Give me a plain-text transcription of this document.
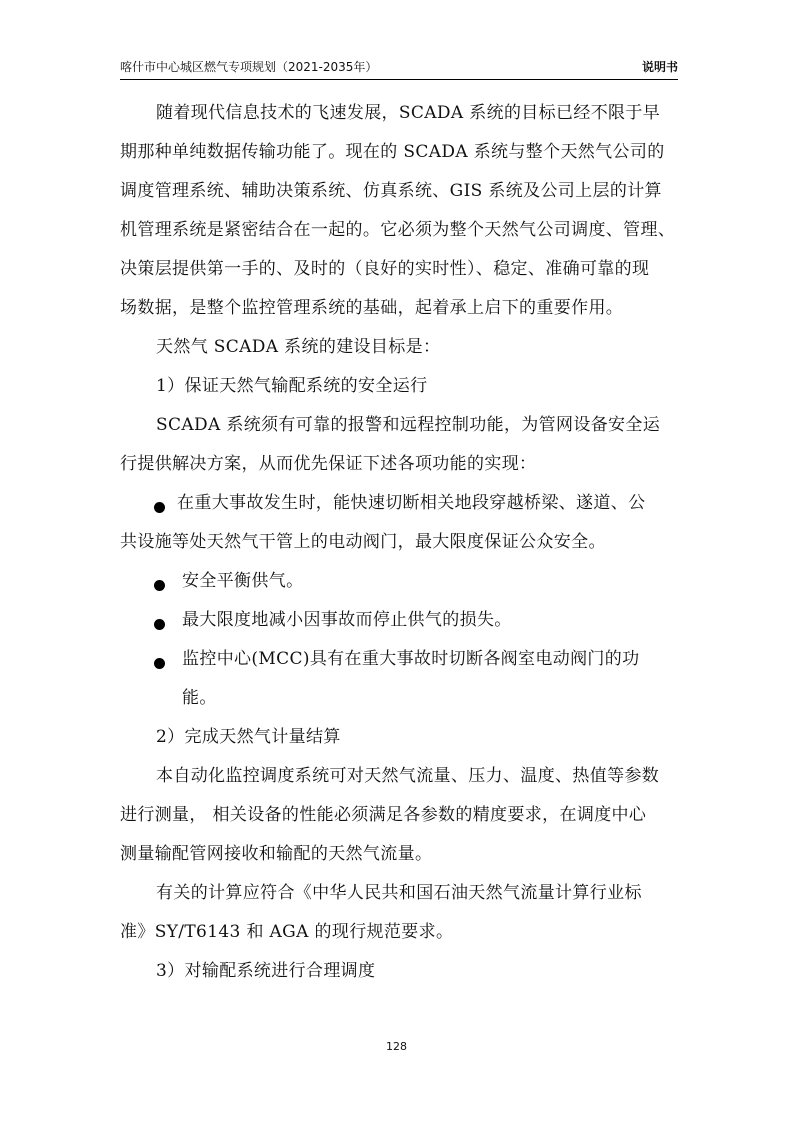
喀什市中心城区燃气专项规划（2021-2035年）	说明书
随着现代信息技术的飞速发展，SCADA 系统的目标已经不限于早
期那种单纯数据传输功能了。现在的 SCADA 系统与整个天然气公司的
调度管理系统、辅助决策系统、仿真系统、GIS 系统及公司上层的计算
机管理系统是紧密结合在一起的。它必须为整个天然气公司调度、管理、
决策层提供第一手的、及时的（良好的实时性）、稳定、准确可靠的现
场数据，是整个监控管理系统的基础，起着承上启下的重要作用。
天然气 SCADA 系统的建设目标是：
1）保证天然气输配系统的安全运行
SCADA 系统须有可靠的报警和远程控制功能，为管网设备安全运
行提供解决方案，从而优先保证下述各项功能的实现：
在重大事故发生时，能快速切断相关地段穿越桥梁、遂道、公
共设施等处天然气干管上的电动阀门，最大限度保证公众安全。
安全平衡供气。
最大限度地减小因事故而停止供气的损失。
监控中心(MCC)具有在重大事故时切断各阀室电动阀门的功
能。
2）完成天然气计量结算
本自动化监控调度系统可对天然气流量、压力、温度、热值等参数
进行测量， 相关设备的性能必须满足各参数的精度要求，在调度中心
测量输配管网接收和输配的天然气流量。
有关的计算应符合《中华人民共和国石油天然气流量计算行业标
准》SY/T6143 和 AGA 的现行规范要求。
3）对输配系统进行合理调度
128
